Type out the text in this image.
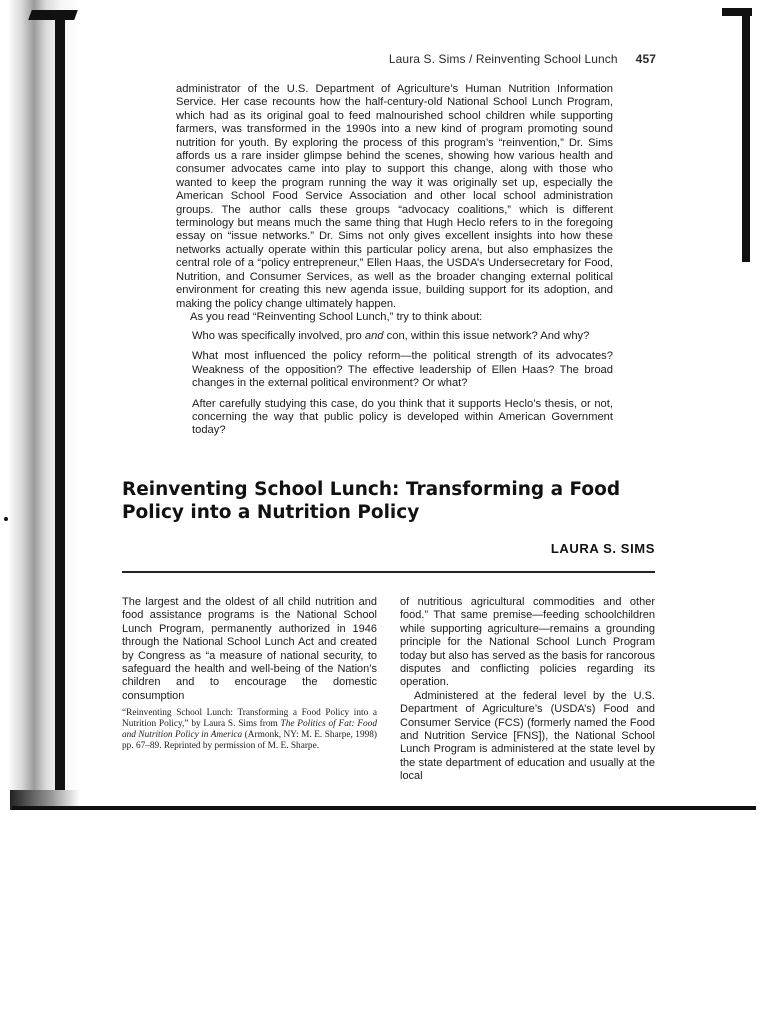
Laura S. Sims / Reinventing School Lunch 457

administrator of the U.S. Department of Agriculture’s Human Nutrition Information Service. Her case recounts how the half-century-old National School Lunch Program, which had as its original goal to feed malnourished school children while supporting farmers, was transformed in the 1990s into a new kind of program promoting sound nutrition for youth. By exploring the process of this program’s “reinvention,” Dr. Sims affords us a rare insider glimpse behind the scenes, showing how various health and consumer advocates came into play to support this change, along with those who wanted to keep the program running the way it was originally set up, especially the American School Food Service Association and other local school administration groups. The author calls these groups “advocacy coalitions,” which is different terminology but means much the same thing that Hugh Heclo refers to in the foregoing essay on “issue networks.” Dr. Sims not only gives excellent insights into how these networks actually operate within this particular policy arena, but also emphasizes the central role of a “policy entrepreneur,” Ellen Haas, the USDA’s Undersecretary for Food, Nutrition, and Consumer Services, as well as the broader changing external political environment for creating this new agenda issue, building support for its adoption, and making the policy change ultimately happen.

As you read “Reinventing School Lunch,” try to think about:

Who was specifically involved, pro and con, within this issue network? And why?
What most influenced the policy reform—the political strength of its advocates? Weakness of the opposition? The effective leadership of Ellen Haas? The broad changes in the external political environment? Or what?
After carefully studying this case, do you think that it supports Heclo’s thesis, or not, concerning the way that public policy is developed within American Government today?
Reinventing School Lunch: Transforming a Food
Policy into a Nutrition Policy
LAURA S. SIMS

The largest and the oldest of all child nutrition and food assistance programs is the National School Lunch Program, permanently authorized in 1946 through the National School Lunch Act and created by Congress as “a measure of national security, to safeguard the health and well-being of the Nation’s children and to encourage the domestic consumption

“Reinventing School Lunch: Transforming a Food Policy into a Nutrition Policy,” by Laura S. Sims from The Politics of Fat: Food and Nutrition Policy in America (Armonk, NY: M. E. Sharpe, 1998) pp. 67–89. Reprinted by permission of M. E. Sharpe.

of nutritious agricultural commodities and other food.” That same premise—feeding schoolchildren while supporting agriculture—remains a grounding principle for the National School Lunch Program today but also has served as the basis for rancorous disputes and conflicting policies regarding its operation.

Administered at the federal level by the U.S. Department of Agriculture’s (USDA’s) Food and Consumer Service (FCS) (formerly named the Food and Nutrition Service [FNS]), the National School Lunch Program is administered at the state level by the state department of education and usually at the local
